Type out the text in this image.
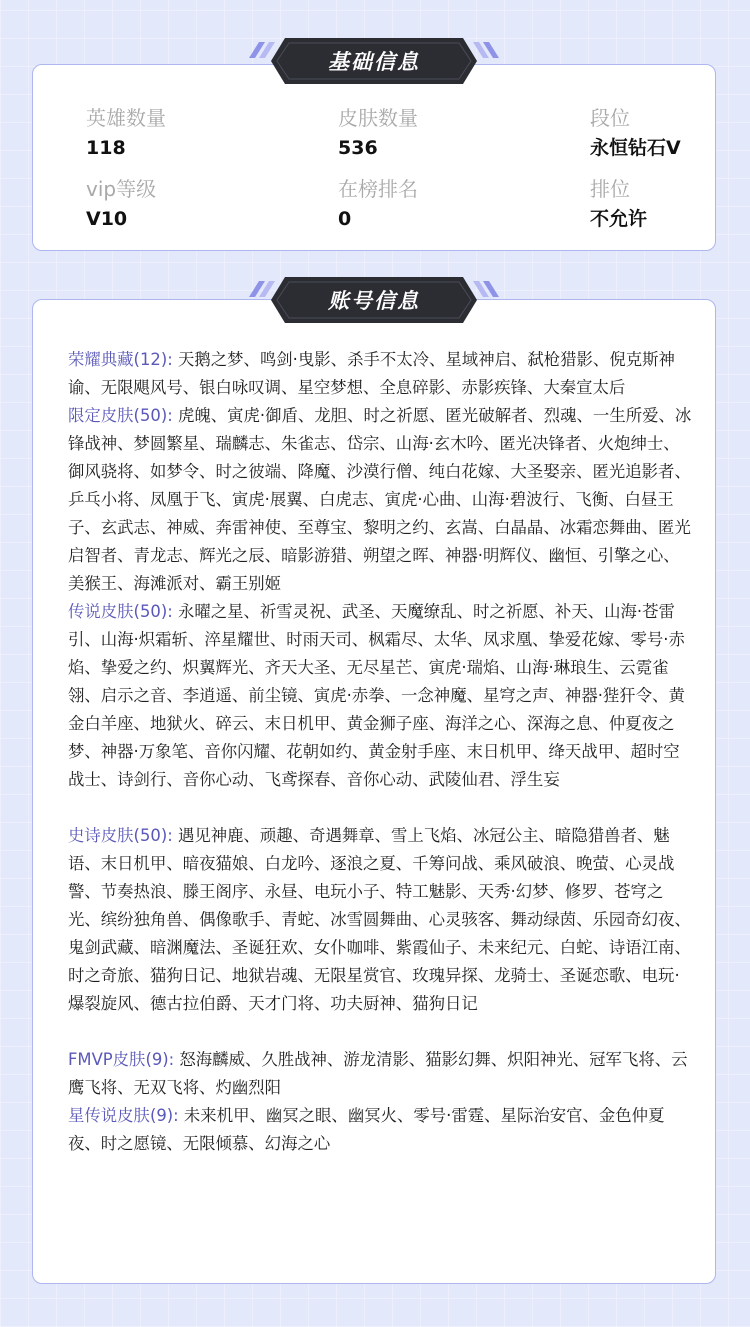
基础信息
英雄数量
118
皮肤数量
536
段位
永恒钻石V
vip等级
V10
在榜排名
0
排位
不允许
账号信息

荣耀典藏(12): 天鹅之梦、鸣剑·曳影、杀手不太冷、星域神启、弑枪猎影、倪克斯神谕、无限飓风号、银白咏叹调、星空梦想、全息碎影、赤影疾锋、大秦宣太后

限定皮肤(50): 虎魄、寅虎·御盾、龙胆、时之祈愿、匿光破解者、烈魂、一生所爱、冰锋战神、梦圆繁星、瑞麟志、朱雀志、岱宗、山海·玄木吟、匿光决锋者、火炮绅士、御风骁将、如梦令、时之彼端、降魔、沙漠行僧、纯白花嫁、大圣娶亲、匿光追影者、乒乓小将、凤凰于飞、寅虎·展翼、白虎志、寅虎·心曲、山海·碧波行、飞衡、白昼王子、玄武志、神威、奔雷神使、至尊宝、黎明之约、玄嵩、白晶晶、冰霜恋舞曲、匿光启智者、青龙志、辉光之辰、暗影游猎、朔望之晖、神器·明辉仪、幽恒、引擎之心、美猴王、海滩派对、霸王别姬

传说皮肤(50): 永曜之星、祈雪灵祝、武圣、天魔缭乱、时之祈愿、补天、山海·苍雷引、山海·炽霜斩、淬星耀世、时雨天司、枫霜尽、太华、凤求凰、挚爱花嫁、零号·赤焰、挚爱之约、炽翼辉光、齐天大圣、无尽星芒、寅虎·瑞焰、山海·琳琅生、云霓雀翎、启示之音、李逍遥、前尘镜、寅虎·赤拳、一念神魔、星穹之声、神器·狴犴令、黄金白羊座、地狱火、碎云、末日机甲、黄金狮子座、海洋之心、深海之息、仲夏夜之梦、神器·万象笔、音你闪耀、花朝如约、黄金射手座、末日机甲、绛天战甲、超时空战士、诗剑行、音你心动、飞鸢探春、音你心动、武陵仙君、浮生妄

史诗皮肤(50): 遇见神鹿、顽趣、奇遇舞章、雪上飞焰、冰冠公主、暗隐猎兽者、魅语、末日机甲、暗夜猫娘、白龙吟、逐浪之夏、千筹问战、乘风破浪、晚萤、心灵战警、节奏热浪、滕王阁序、永昼、电玩小子、特工魅影、天秀·幻梦、修罗、苍穹之光、缤纷独角兽、偶像歌手、青蛇、冰雪圆舞曲、心灵骇客、舞动绿茵、乐园奇幻夜、鬼剑武藏、暗渊魔法、圣诞狂欢、女仆咖啡、紫霞仙子、未来纪元、白蛇、诗语江南、时之奇旅、猫狗日记、地狱岩魂、无限星赏官、玫瑰异探、龙骑士、圣诞恋歌、电玩·爆裂旋风、德古拉伯爵、天才门将、功夫厨神、猫狗日记

FMVP皮肤(9): 怒海麟威、久胜战神、游龙清影、猫影幻舞、炽阳神光、冠军飞将、云鹰飞将、无双飞将、灼幽烈阳

星传说皮肤(9): 未来机甲、幽冥之眼、幽冥火、零号·雷霆、星际治安官、金色仲夏夜、时之愿镜、无限倾慕、幻海之心
